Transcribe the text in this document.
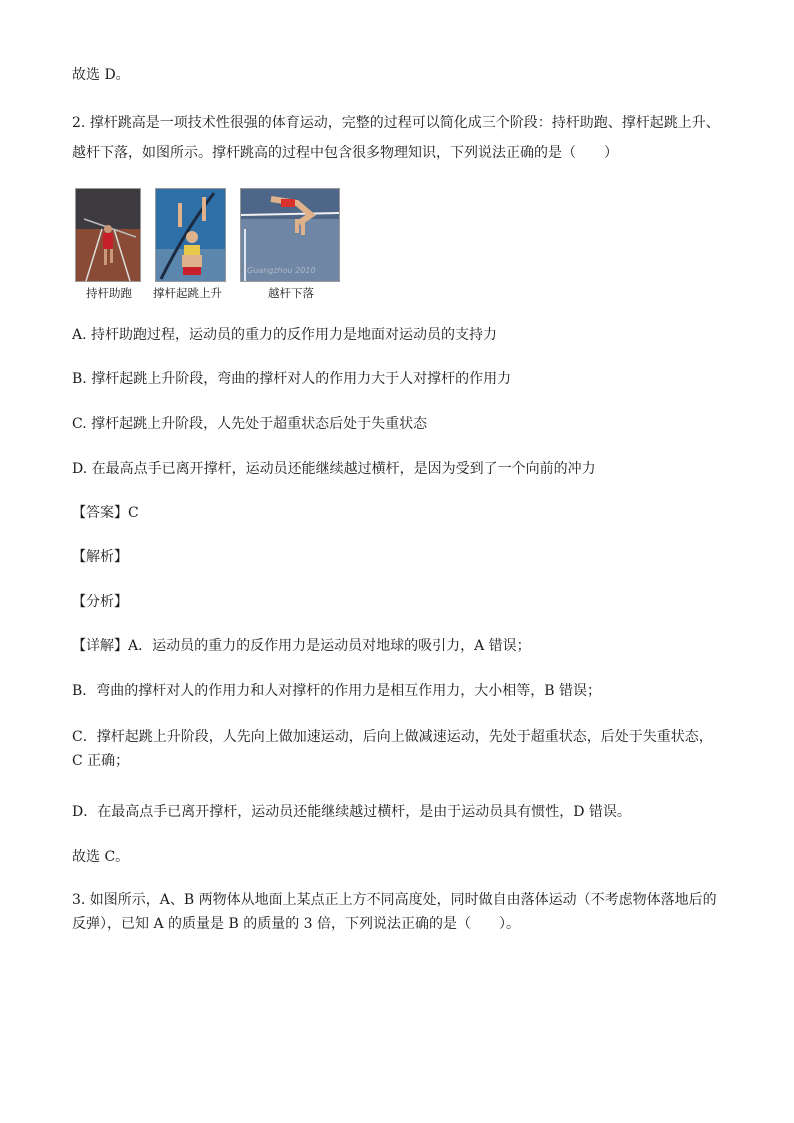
故选 D。
2. 撑杆跳高是一项技术性很强的体育运动，完整的过程可以简化成三个阶段：持杆助跑、撑杆起跳上升、
越杆下落，如图所示。撑杆跳高的过程中包含很多物理知识，下列说法正确的是（　　）
持杆助跑 撑杆起跳上升
Guangzhou 2010
越杆下落
A. 持杆助跑过程，运动员的重力的反作用力是地面对运动员的支持力
B. 撑杆起跳上升阶段，弯曲的撑杆对人的作用力大于人对撑杆的作用力
C. 撑杆起跳上升阶段，人先处于超重状态后处于失重状态
D. 在最高点手已离开撑杆，运动员还能继续越过横杆，是因为受到了一个向前的冲力
【答案】C
【解析】
【分析】
【详解】A．运动员的重力的反作用力是运动员对地球的吸引力，A 错误；
B．弯曲的撑杆对人的作用力和人对撑杆的作用力是相互作用力，大小相等，B 错误；
C．撑杆起跳上升阶段，人先向上做加速运动，后向上做减速运动，先处于超重状态，后处于失重状态，C 正确；
D．在最高点手已离开撑杆，运动员还能继续越过横杆，是由于运动员具有惯性，D 错误。
故选 C。
3. 如图所示，A、B 两物体从地面上某点正上方不同高度处，同时做自由落体运动（不考虑物体落地后的反弹），已知 A 的质量是 B 的质量的 3 倍，下列说法正确的是（　　）。
